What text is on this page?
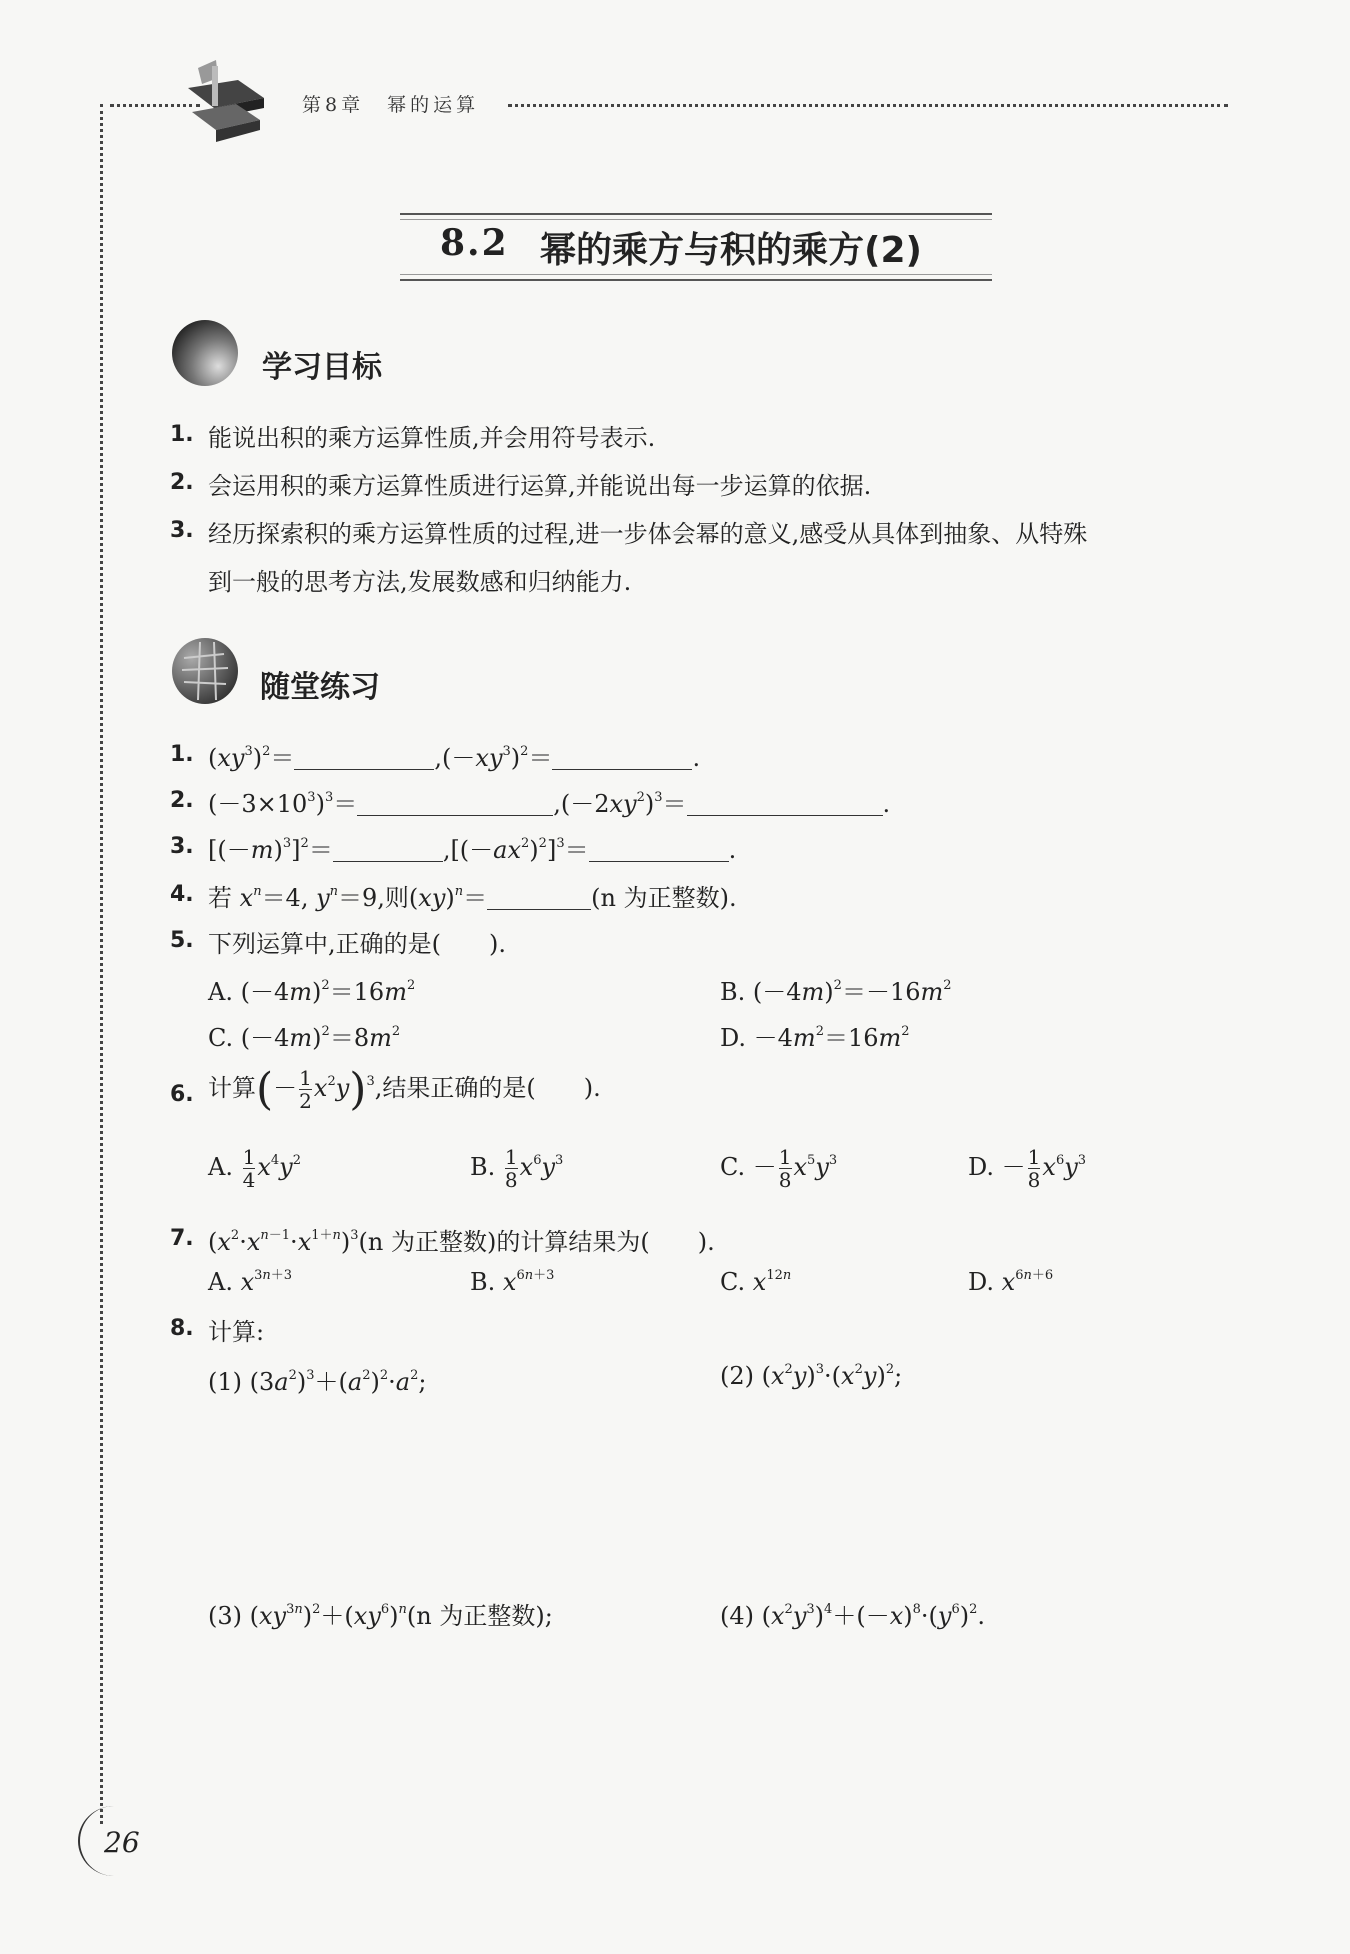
第8章　幂的运算
8.2 幂的乘方与积的乘方(2)
学习目标
1. 能说出积的乘方运算性质,并会用符号表示.
2. 会运用积的乘方运算性质进行运算,并能说出每一步运算的依据.
3. 经历探索积的乘方运算性质的过程,进一步体会幂的意义,感受从具体到抽象、从特殊
到一般的思考方法,发展数感和归纳能力.
随堂练习
1. $(xy^3)^2=$	$,(-xy^3)^2=$	.
2. $(-3\times 10^3)^3=$	$,(-2xy^2)^3=$	.
3. $[(-m)^3]^2=$	$,[(-ax^2)^2]^3=$	.
4. 若 $x^n=4$, $y^n=9$,则(xy)$^n$＝	(n 为正整数).
5. 下列运算中,正确的是(　　).
A. $(-4m)^2=16m^2$	B. $(-4m)^2=-16m^2$
C. $(-4m)^2=8m^2$	D. $-4m^2=16m^2$
6. 计算(－ $\frac{1}{2} x^2y)^3$,结果正确的是(　　).
A. $\frac{1}{4} x^4y^2$	B. $\frac{1}{8} x^6y^3$	C. － $\frac{1}{8} x^5y^3$	D. － $\frac{1}{8} x^6y^3$
7. $(x^2\cdot x^{n-1}\cdot x^{1+n})^3(n$ 为正整数)的计算结果为(　　).
A. $x^{3n+3}$	B. $x^{6n+3}$	C. $x^{12n}$	D. $x^{6n+6}$
8. 计算:
(1) $(3a^2)^3+(a^2)^2\cdot a^2$;	(2) $(x^2y)^3\cdot(x^2y)^2$;
(3) $(xy^{3n})^2+(xy^6)^n(n$ 为正整数);	(4) $(x^2y^3)^4+(-x)^8\cdot(y^6)^2$.
26
